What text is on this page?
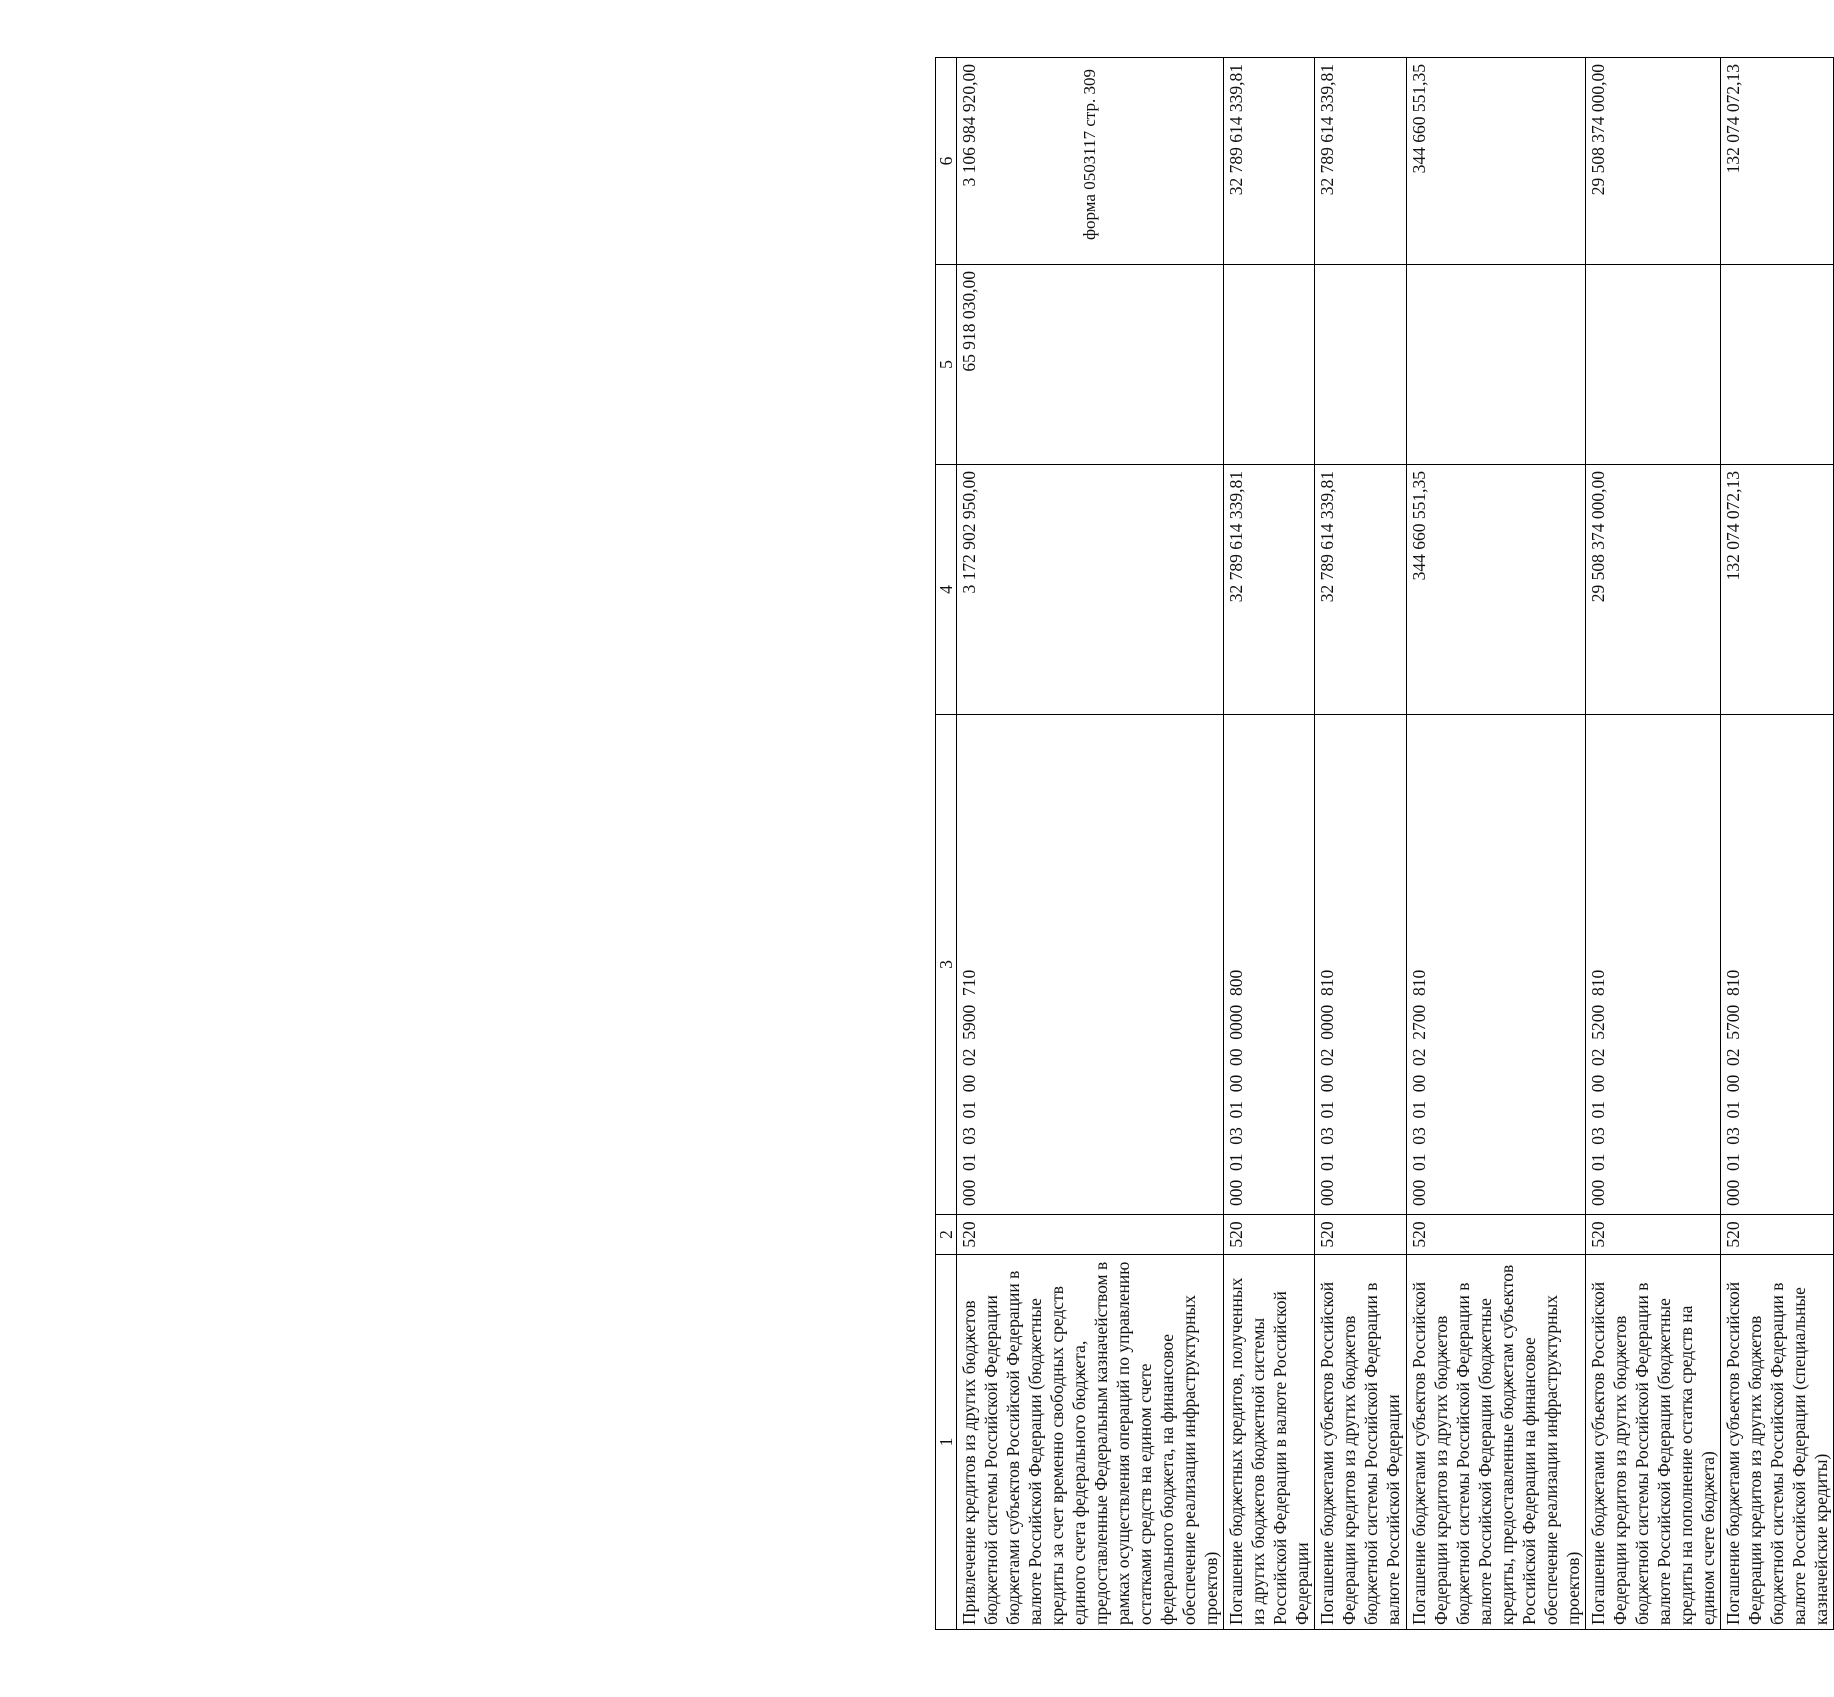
форма 0503117 стр. 309
1	2	3	4	5	6
Привлечение кредитов из других бюджетов бюджетной системы Российской Федерации бюджетами субъектов Российской Федерации в валюте Российской Федерации (бюджетные кредиты за счет временно свободных средств единого счета федерального бюджета, предоставленные Федеральным казначейством в рамках осуществления операций по управлению остатками средств на едином счете федерального бюджета, на финансовое обеспечение реализации инфраструктурных проектов)	520	000  01  03  01  00  02  5900  710	3 172 902 950,00	65 918 030,00	3 106 984 920,00
Погашение бюджетных кредитов, полученных из других бюджетов бюджетной системы Российской Федерации в валюте Российской Федерации	520	000  01  03  01  00  00  0000  800	32 789 614 339,81		32 789 614 339,81
Погашение бюджетами субъектов Российской Федерации кредитов из других бюджетов бюджетной системы Российской Федерации в валюте Российской Федерации	520	000  01  03  01  00  02  0000  810	32 789 614 339,81		32 789 614 339,81
Погашение бюджетами субъектов Российской Федерации кредитов из других бюджетов бюджетной системы Российской Федерации в валюте Российской Федерации (бюджетные кредиты, предоставленные бюджетам субъектов Российской Федерации на финансовое обеспечение реализации инфраструктурных проектов)	520	000  01  03  01  00  02  2700  810	344 660 551,35		344 660 551,35
Погашение бюджетами субъектов Российской Федерации кредитов из других бюджетов бюджетной системы Российской Федерации в валюте Российской Федерации (бюджетные кредиты на пополнение остатка средств на едином счете бюджета)	520	000  01  03  01  00  02  5200  810	29 508 374 000,00		29 508 374 000,00
Погашение бюджетами субъектов Российской Федерации кредитов из других бюджетов бюджетной системы Российской Федерации в валюте Российской Федерации (специальные казначейские кредиты)	520	000  01  03  01  00  02  5700  810	132 074 072,13		132 074 072,13
